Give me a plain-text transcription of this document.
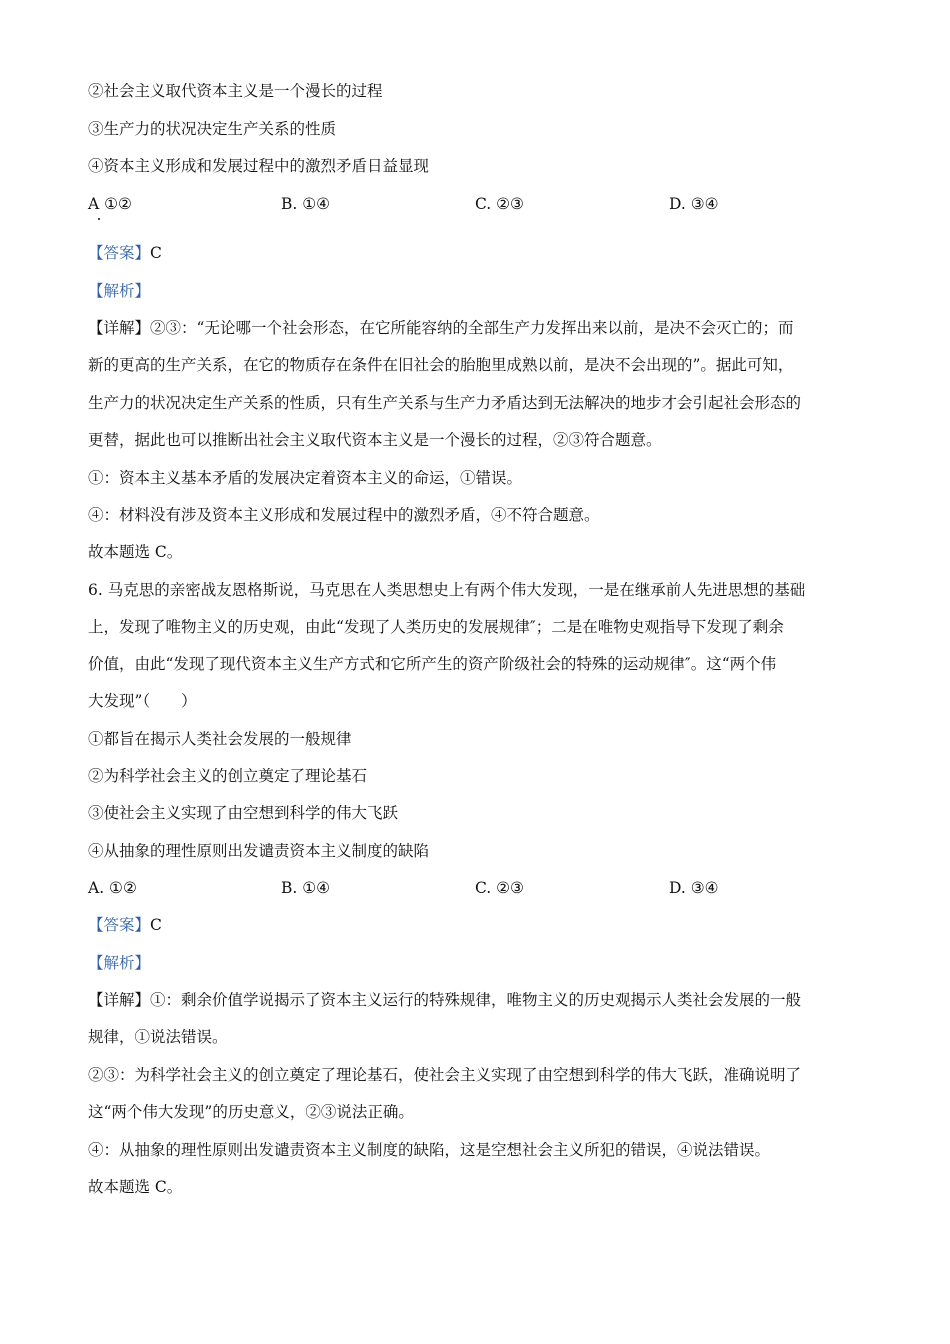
②社会主义取代资本主义是一个漫长的过程
③生产力的状况决定生产关系的性质
④资本主义形成和发展过程中的激烈矛盾日益显现
A ①②	B. ①④	C. ②③	D. ③④
【答案】C
【解析】
【详解】②③：“无论哪一个社会形态，在它所能容纳的全部生产力发挥出来以前，是决不会灭亡的；而
新的更高的生产关系，在它的物质存在条件在旧社会的胎胞里成熟以前，是决不会出现的”。据此可知，
生产力的状况决定生产关系的性质，只有生产关系与生产力矛盾达到无法解决的地步才会引起社会形态的
更替，据此也可以推断出社会主义取代资本主义是一个漫长的过程，②③符合题意。
①：资本主义基本矛盾的发展决定着资本主义的命运，①错误。
④：材料没有涉及资本主义形成和发展过程中的激烈矛盾，④不符合题意。
故本题选 C。
6. 马克思的亲密战友恩格斯说，马克思在人类思想史上有两个伟大发现，一是在继承前人先进思想的基础
上，发现了唯物主义的历史观，由此“发现了人类历史的发展规律″；二是在唯物史观指导下发现了剩余
价值，由此“发现了现代资本主义生产方式和它所产生的资产阶级社会的特殊的运动规律″。这“两个伟
大发现”（　　）
①都旨在揭示人类社会发展的一般规律
②为科学社会主义的创立奠定了理论基石
③使社会主义实现了由空想到科学的伟大飞跃
④从抽象的理性原则出发谴责资本主义制度的缺陷
A. ①②	B. ①④	C. ②③	D. ③④
【答案】C
【解析】
【详解】①：剩余价值学说揭示了资本主义运行的特殊规律，唯物主义的历史观揭示人类社会发展的一般
规律，①说法错误。
②③：为科学社会主义的创立奠定了理论基石，使社会主义实现了由空想到科学的伟大飞跃，准确说明了
这“两个伟大发现”的历史意义，②③说法正确。
④：从抽象的理性原则出发谴责资本主义制度的缺陷，这是空想社会主义所犯的错误，④说法错误。
故本题选 C。
